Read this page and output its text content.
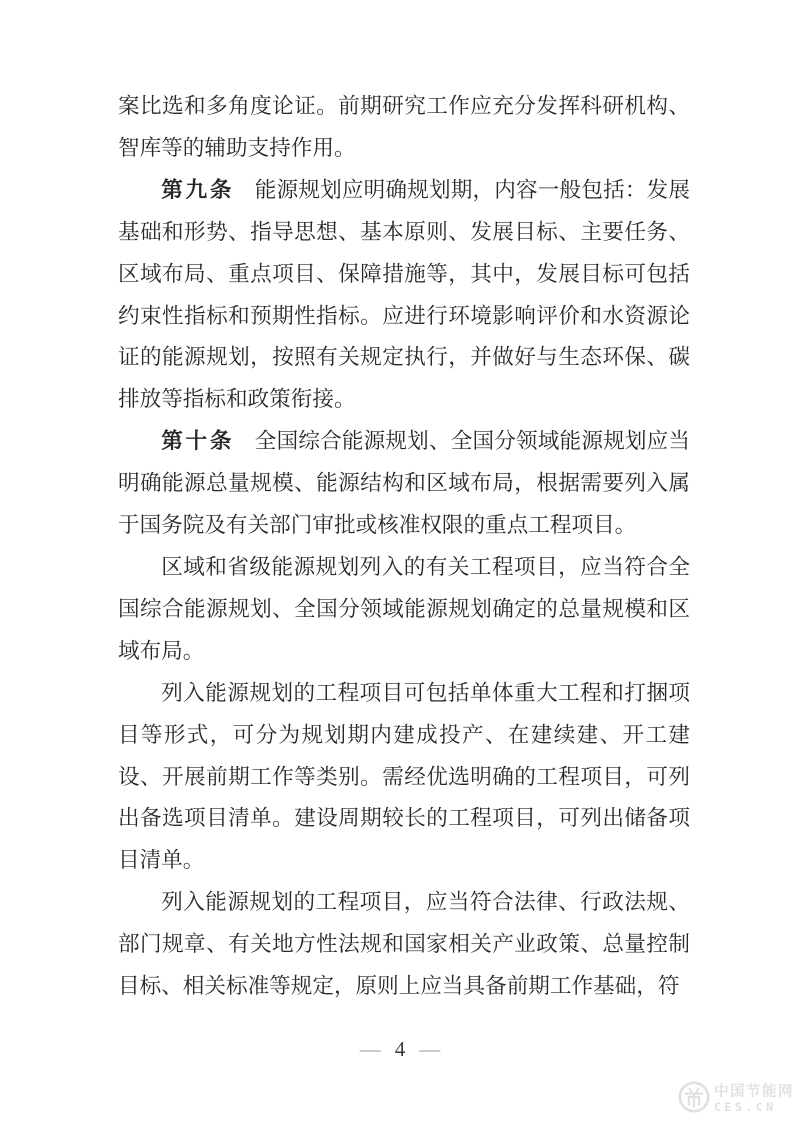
案比选和多角度论证。前期研究工作应充分发挥科研机构、智库等的辅助支持作用。

第九条 能源规划应明确规划期，内容一般包括：发展基础和形势、指导思想、基本原则、发展目标、主要任务、区域布局、重点项目、保障措施等，其中，发展目标可包括约束性指标和预期性指标。应进行环境影响评价和水资源论证的能源规划，按照有关规定执行，并做好与生态环保、碳排放等指标和政策衔接。

第十条 全国综合能源规划、全国分领域能源规划应当明确能源总量规模、能源结构和区域布局，根据需要列入属于国务院及有关部门审批或核准权限的重点工程项目。

区域和省级能源规划列入的有关工程项目，应当符合全国综合能源规划、全国分领域能源规划确定的总量规模和区域布局。

列入能源规划的工程项目可包括单体重大工程和打捆项目等形式，可分为规划期内建成投产、在建续建、开工建设、开展前期工作等类别。需经优选明确的工程项目，可列出备选项目清单。建设周期较长的工程项目，可列出储备项目清单。

列入能源规划的工程项目，应当符合法律、行政法规、部门规章、有关地方性法规和国家相关产业政策、总量控制目标、相关标准等规定，原则上应当具备前期工作基础，符

— 4 —
中国节能网
CES.CN
